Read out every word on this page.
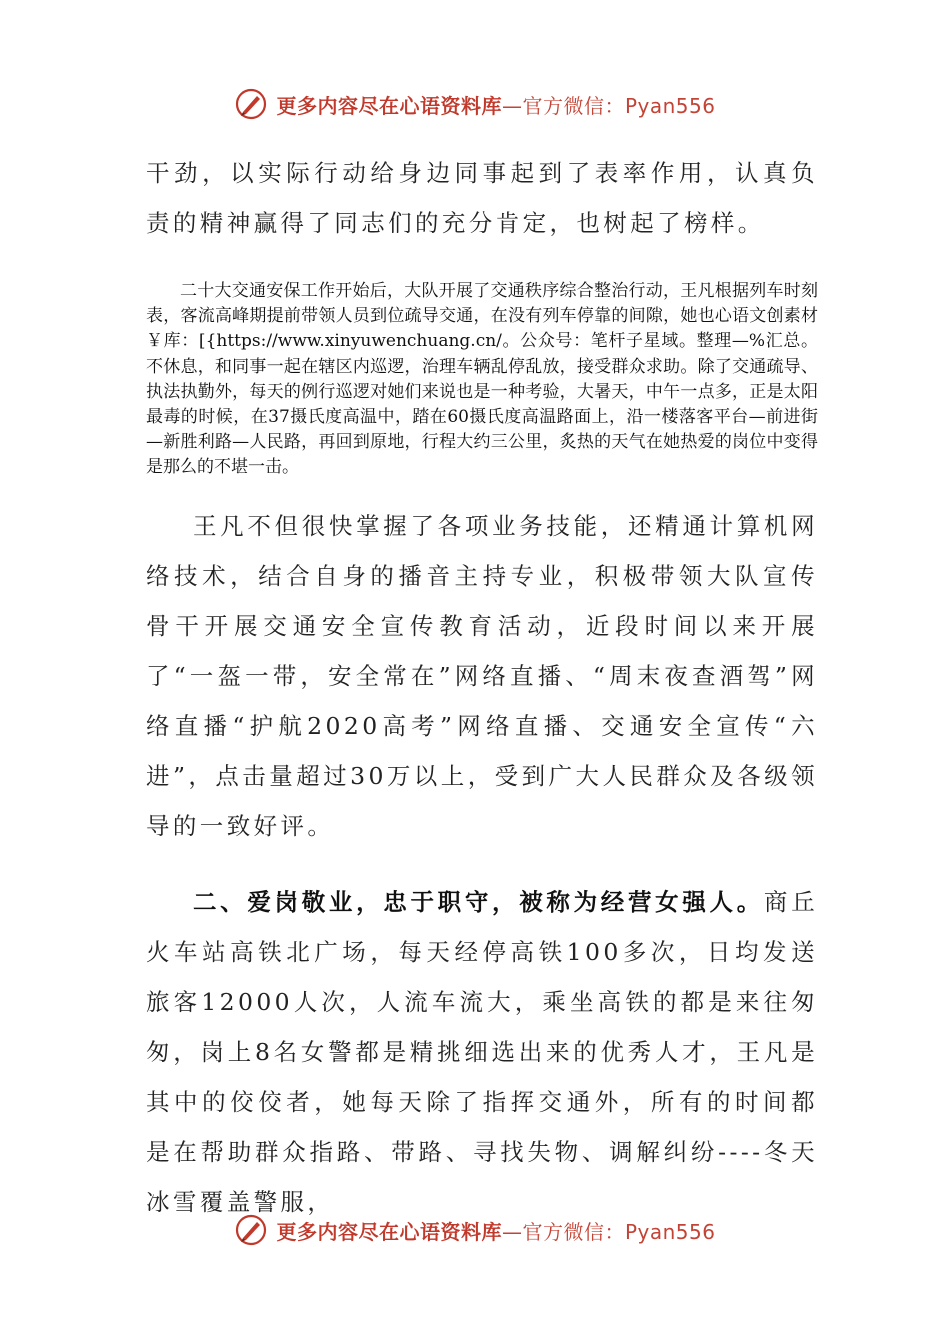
更多内容尽在心语资料库—官方微信：Pyan556

干劲，以实际行动给身边同事起到了表率作用，认真负责的精神赢得了同志们的充分肯定，也树起了榜样。

二十大交通安保工作开始后，大队开展了交通秩序综合整治行动，王凡根据列车时刻表，客流高峰期提前带领人员到位疏导交通，在没有列车停靠的间隙，她也心语文创素材￥库：[{https://www.xinyuwenchuang.cn/。公众号：笔杆子星域。整理—%汇总。不休息，和同事一起在辖区内巡逻，治理车辆乱停乱放，接受群众求助。除了交通疏导、执法执勤外，每天的例行巡逻对她们来说也是一种考验，大暑天，中午一点多，正是太阳最毒的时候，在37摄氏度高温中，踏在60摄氏度高温路面上，沿一楼落客平台—前进街—新胜利路—人民路，再回到原地，行程大约三公里，炙热的天气在她热爱的岗位中变得是那么的不堪一击。

王凡不但很快掌握了各项业务技能，还精通计算机网络技术，结合自身的播音主持专业，积极带领大队宣传骨干开展交通安全宣传教育活动，近段时间以来开展了“一盔一带，安全常在”网络直播、“周末夜查酒驾”网络直播“护航2020高考”网络直播、交通安全宣传“六进”，点击量超过30万以上，受到广大人民群众及各级领导的一致好评。

二、爱岗敬业，忠于职守，被称为经营女强人。商丘火车站高铁北广场，每天经停高铁100多次，日均发送旅客12000人次，人流车流大，乘坐高铁的都是来往匆匆，岗上8名女警都是精挑细选出来的优秀人才，王凡是其中的佼佼者，她每天除了指挥交通外，所有的时间都是在帮助群众指路、带路、寻找失物、调解纠纷----冬天冰雪覆盖警服，

更多内容尽在心语资料库—官方微信：Pyan556
